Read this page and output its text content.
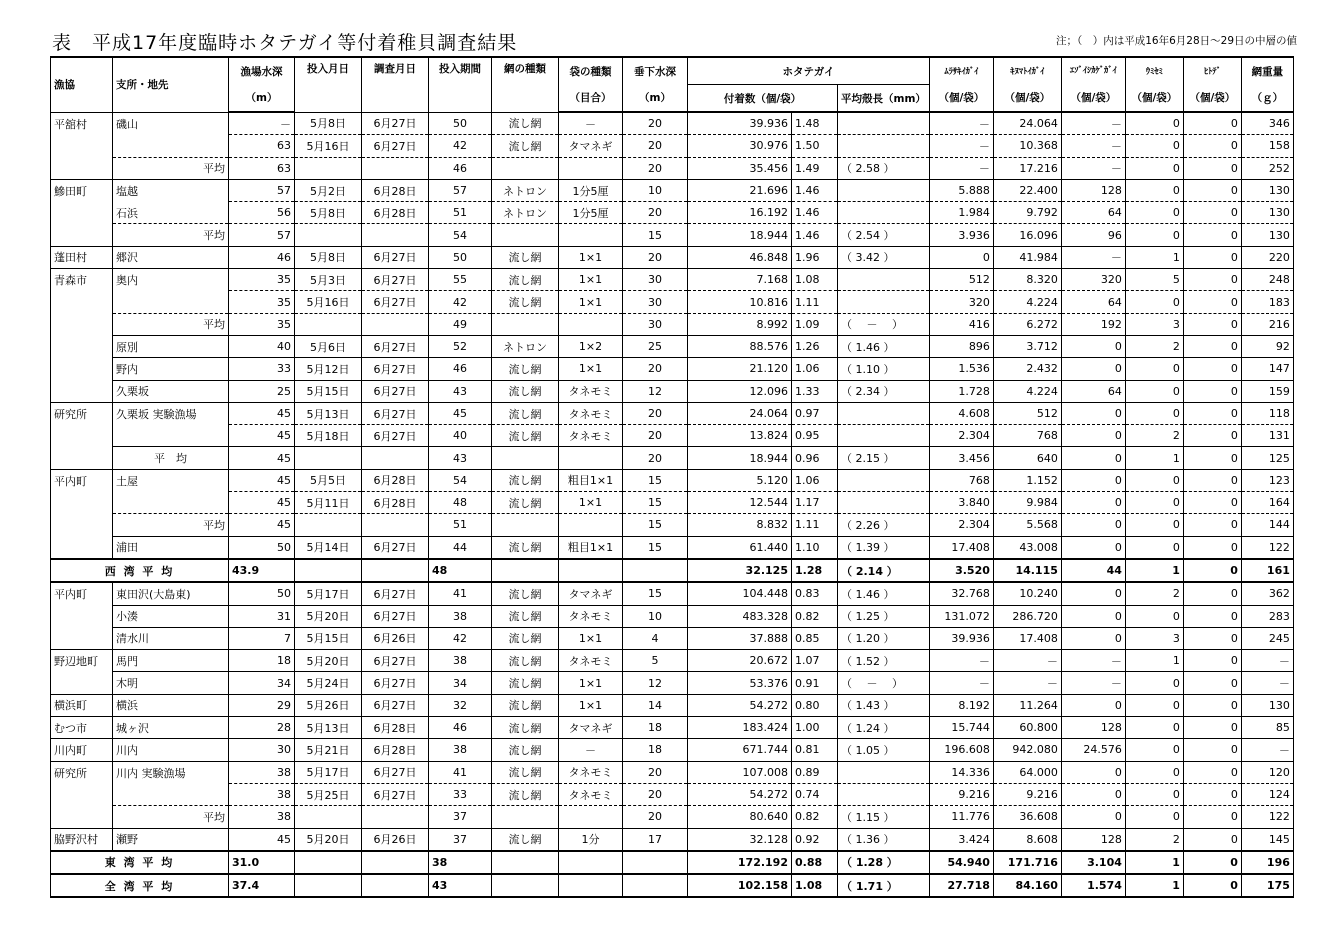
表　平成17年度臨時ホタテガイ等付着稚貝調査結果	注；（　）内は平成16年6月28日～29日の中層の値
漁協	支所・地先	漁場水深	投入月日	調査月日	投入期間	網の種類	袋の種類	垂下水深	ホタテガイ			ﾑﾗｻｷｲｶﾞｲ	ｷﾇﾏﾄｲｶﾞｲ	ｴｿﾞｲｼｶｹﾞｶﾞｲ	ｳﾐｾﾐ	ﾋﾄﾃﾞ	網重量
		（m）					（目合）	（m）	付着数（個/袋）		平均殻長（mm）	（個/袋）	（個/袋）	（個/袋）	（個/袋）	（個/袋）	（ｇ）
平舘村	磯山	－	5月8日	6月27日	50	流し網	－	20	39.936	1.48		－	24.064	－	0	0	346
		63	5月16日	6月27日	42	流し網	タマネギ	20	30.976	1.50		－	10.368	－	0	0	158
	平均	63			46			20	35.456	1.49	（ 2.58 ）	－	17.216	－	0	0	252
鰺田町	塩越	57	5月2日	6月28日	57	ネトロン	1分5厘	10	21.696	1.46		5.888	22.400	128	0	0	130
	石浜	56	5月8日	6月28日	51	ネトロン	1分5厘	20	16.192	1.46		1.984	9.792	64	0	0	130
	平均	57			54			15	18.944	1.46	（ 2.54 ）	3.936	16.096	96	0	0	130
蓬田村	郷沢	46	5月8日	6月27日	50	流し網	1×1	20	46.848	1.96	（ 3.42 ）	0	41.984	－	1	0	220
青森市	奥内	35	5月3日	6月27日	55	流し網	1×1	30	7.168	1.08		512	8.320	320	5	0	248
		35	5月16日	6月27日	42	流し網	1×1	30	10.816	1.11		320	4.224	64	0	0	183
	平均	35			49			30	8.992	1.09	（　 －　 ）	416	6.272	192	3	0	216
	原別	40	5月6日	6月27日	52	ネトロン	1×2	25	88.576	1.26	（ 1.46 ）	896	3.712	0	2	0	92
	野内	33	5月12日	6月27日	46	流し網	1×1	20	21.120	1.06	（ 1.10 ）	1.536	2.432	0	0	0	147
	久栗坂	25	5月15日	6月27日	43	流し網	タネモミ	12	12.096	1.33	（ 2.34 ）	1.728	4.224	64	0	0	159
研究所	久栗坂 実験漁場	45	5月13日	6月27日	45	流し網	タネモミ	20	24.064	0.97		4.608	512	0	0	0	118
		45	5月18日	6月27日	40	流し網	タネモミ	20	13.824	0.95		2.304	768	0	2	0	131
	平　均	45			43			20	18.944	0.96	（ 2.15 ）	3.456	640	0	1	0	125
平内町	土屋	45	5月5日	6月28日	54	流し網	粗目1×1	15	5.120	1.06		768	1.152	0	0	0	123
		45	5月11日	6月28日	48	流し網	1×1	15	12.544	1.17		3.840	9.984	0	0	0	164
	平均	45			51			15	8.832	1.11	（ 2.26 ）	2.304	5.568	0	0	0	144
	浦田	50	5月14日	6月27日	44	流し網	粗目1×1	15	61.440	1.10	（ 1.39 ）	17.408	43.008	0	0	0	122
西 湾 平 均		43.9			48				32.125	1.28	（ 2.14 ）	3.520	14.115	44	1	0	161
平内町	東田沢(大島東)	50	5月17日	6月27日	41	流し網	タマネギ	15	104.448	0.83	（ 1.46 ）	32.768	10.240	0	2	0	362
	小湊	31	5月20日	6月27日	38	流し網	タネモミ	10	483.328	0.82	（ 1.25 ）	131.072	286.720	0	0	0	283
	清水川	7	5月15日	6月26日	42	流し網	1×1	4	37.888	0.85	（ 1.20 ）	39.936	17.408	0	3	0	245
野辺地町	馬門	18	5月20日	6月27日	38	流し網	タネモミ	5	20.672	1.07	（ 1.52 ）	－	－	－	1	0	－
	木明	34	5月24日	6月27日	34	流し網	1×1	12	53.376	0.91	（　 －　 ）	－	－	－	0	0	－
横浜町	横浜	29	5月26日	6月27日	32	流し網	1×1	14	54.272	0.80	（ 1.43 ）	8.192	11.264	0	0	0	130
むつ市	城ヶ沢	28	5月13日	6月28日	46	流し網	タマネギ	18	183.424	1.00	（ 1.24 ）	15.744	60.800	128	0	0	85
川内町	川内	30	5月21日	6月28日	38	流し網	－	18	671.744	0.81	（ 1.05 ）	196.608	942.080	24.576	0	0	－
研究所	川内 実験漁場	38	5月17日	6月27日	41	流し網	タネモミ	20	107.008	0.89		14.336	64.000	0	0	0	120
		38	5月25日	6月27日	33	流し網	タネモミ	20	54.272	0.74		9.216	9.216	0	0	0	124
	平均	38			37			20	80.640	0.82	（ 1.15 ）	11.776	36.608	0	0	0	122
脇野沢村	瀬野	45	5月20日	6月26日	37	流し網	1分	17	32.128	0.92	（ 1.36 ）	3.424	8.608	128	2	0	145
東 湾 平 均		31.0			38				172.192	0.88	（ 1.28 ）	54.940	171.716	3.104	1	0	196
全 湾 平 均		37.4			43				102.158	1.08	（ 1.71 ）	27.718	84.160	1.574	1	0	175
